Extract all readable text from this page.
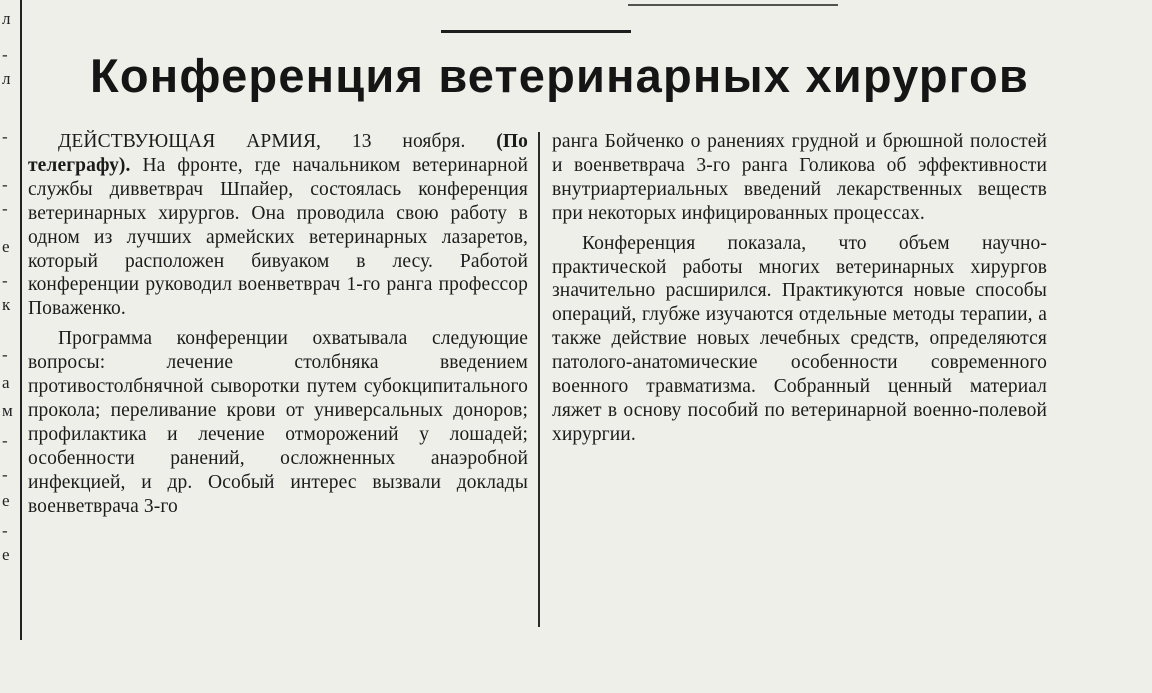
л
-
л
-
-
-
е
-
к
-
а
м
-
-
е
-
е
Конференция ветеринарных хирургов

ДЕЙСТВУЮЩАЯ АРМИЯ, 13 ноября. (По телеграфу). На фронте, где начальником ветеринарной службы дивветврач Шпайер, состоялась конференция ветеринарных хирургов. Она проводила свою работу в одном из лучших армейских ветеринарных лазаретов, который расположен бивуаком в лесу. Работой конференции руководил военветврач 1-го ранга профессор Поваженко.

Программа конференции охватывала следующие вопросы: лечение столбняка введением противостолбнячной сыворотки путем субокципитального прокола; переливание крови от универсальных доноров; профилактика и лечение отморожений у лошадей; особенности ранений, осложненных анаэробной инфекцией, и др. Особый интерес вызвали доклады военветврача 3-го

ранга Бойченко о ранениях грудной и брюшной полостей и военветврача 3-го ранга Голикова об эффективности внутриартериальных введений лекарственных веществ при некоторых инфицированных процессах.

Конференция показала, что объем научно-практической работы многих ветеринарных хирургов значительно расширился. Практикуются новые способы операций, глубже изучаются отдельные методы терапии, а также действие новых лечебных средств, определяются патолого-анатомические особенности современного военного травматизма. Собранный ценный материал ляжет в основу пособий по ветеринарной военно-полевой хирургии.
